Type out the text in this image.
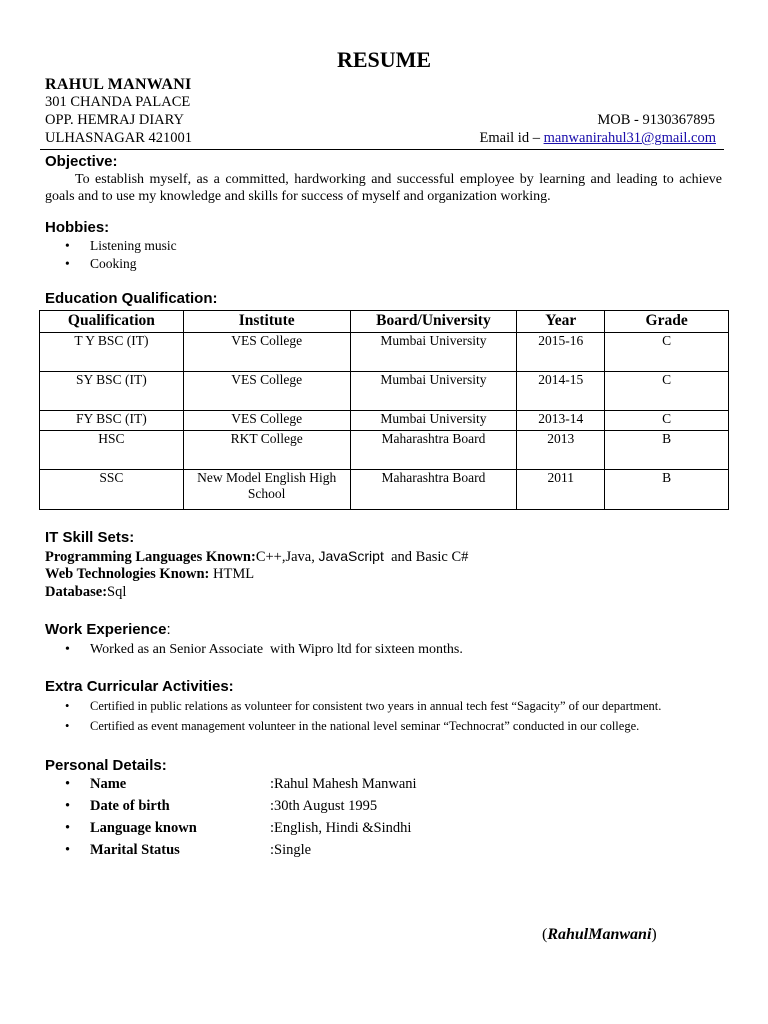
RESUME
RAHUL MANWANI
301 CHANDA PALACE
OPP. HEMRAJ DIARY
ULHASNAGAR 421001
MOB - 9130367895
Email id – manwanirahul31@gmail.com
Objective:
To establish myself, as a committed, hardworking and successful employee by learning and leading to achieve goals and to use my knowledge and skills for success of myself and organization working.
Hobbies:
• Listening music
• Cooking
Education Qualification:
Qualification	Institute	Board/University	Year	Grade
T Y BSC (IT)	VES College	Mumbai University	2015-16	C
SY BSC (IT)	VES College	Mumbai University	2014-15	C
FY BSC (IT)	VES College	Mumbai University	2013-14	C
HSC	RKT College	Maharashtra Board	2013	B
SSC	New Model English High School	Maharashtra Board	2011	B
IT Skill Sets:
Programming Languages Known:C++,Java, JavaScript  and Basic C#
Web Technologies Known: HTML
Database:Sql
Work Experience:
• Worked as an Senior Associate  with Wipro ltd for sixteen months.
Extra Curricular Activities:
• Certified in public relations as volunteer for consistent two years in annual tech fest “Sagacity” of our department.
• Certified as event management volunteer in the national level seminar “Technocrat” conducted in our college.
Personal Details:
• Name	:Rahul Mahesh Manwani
• Date of birth	:30th August 1995
• Language known	:English, Hindi &Sindhi
• Marital Status	:Single
(RahulManwani)
